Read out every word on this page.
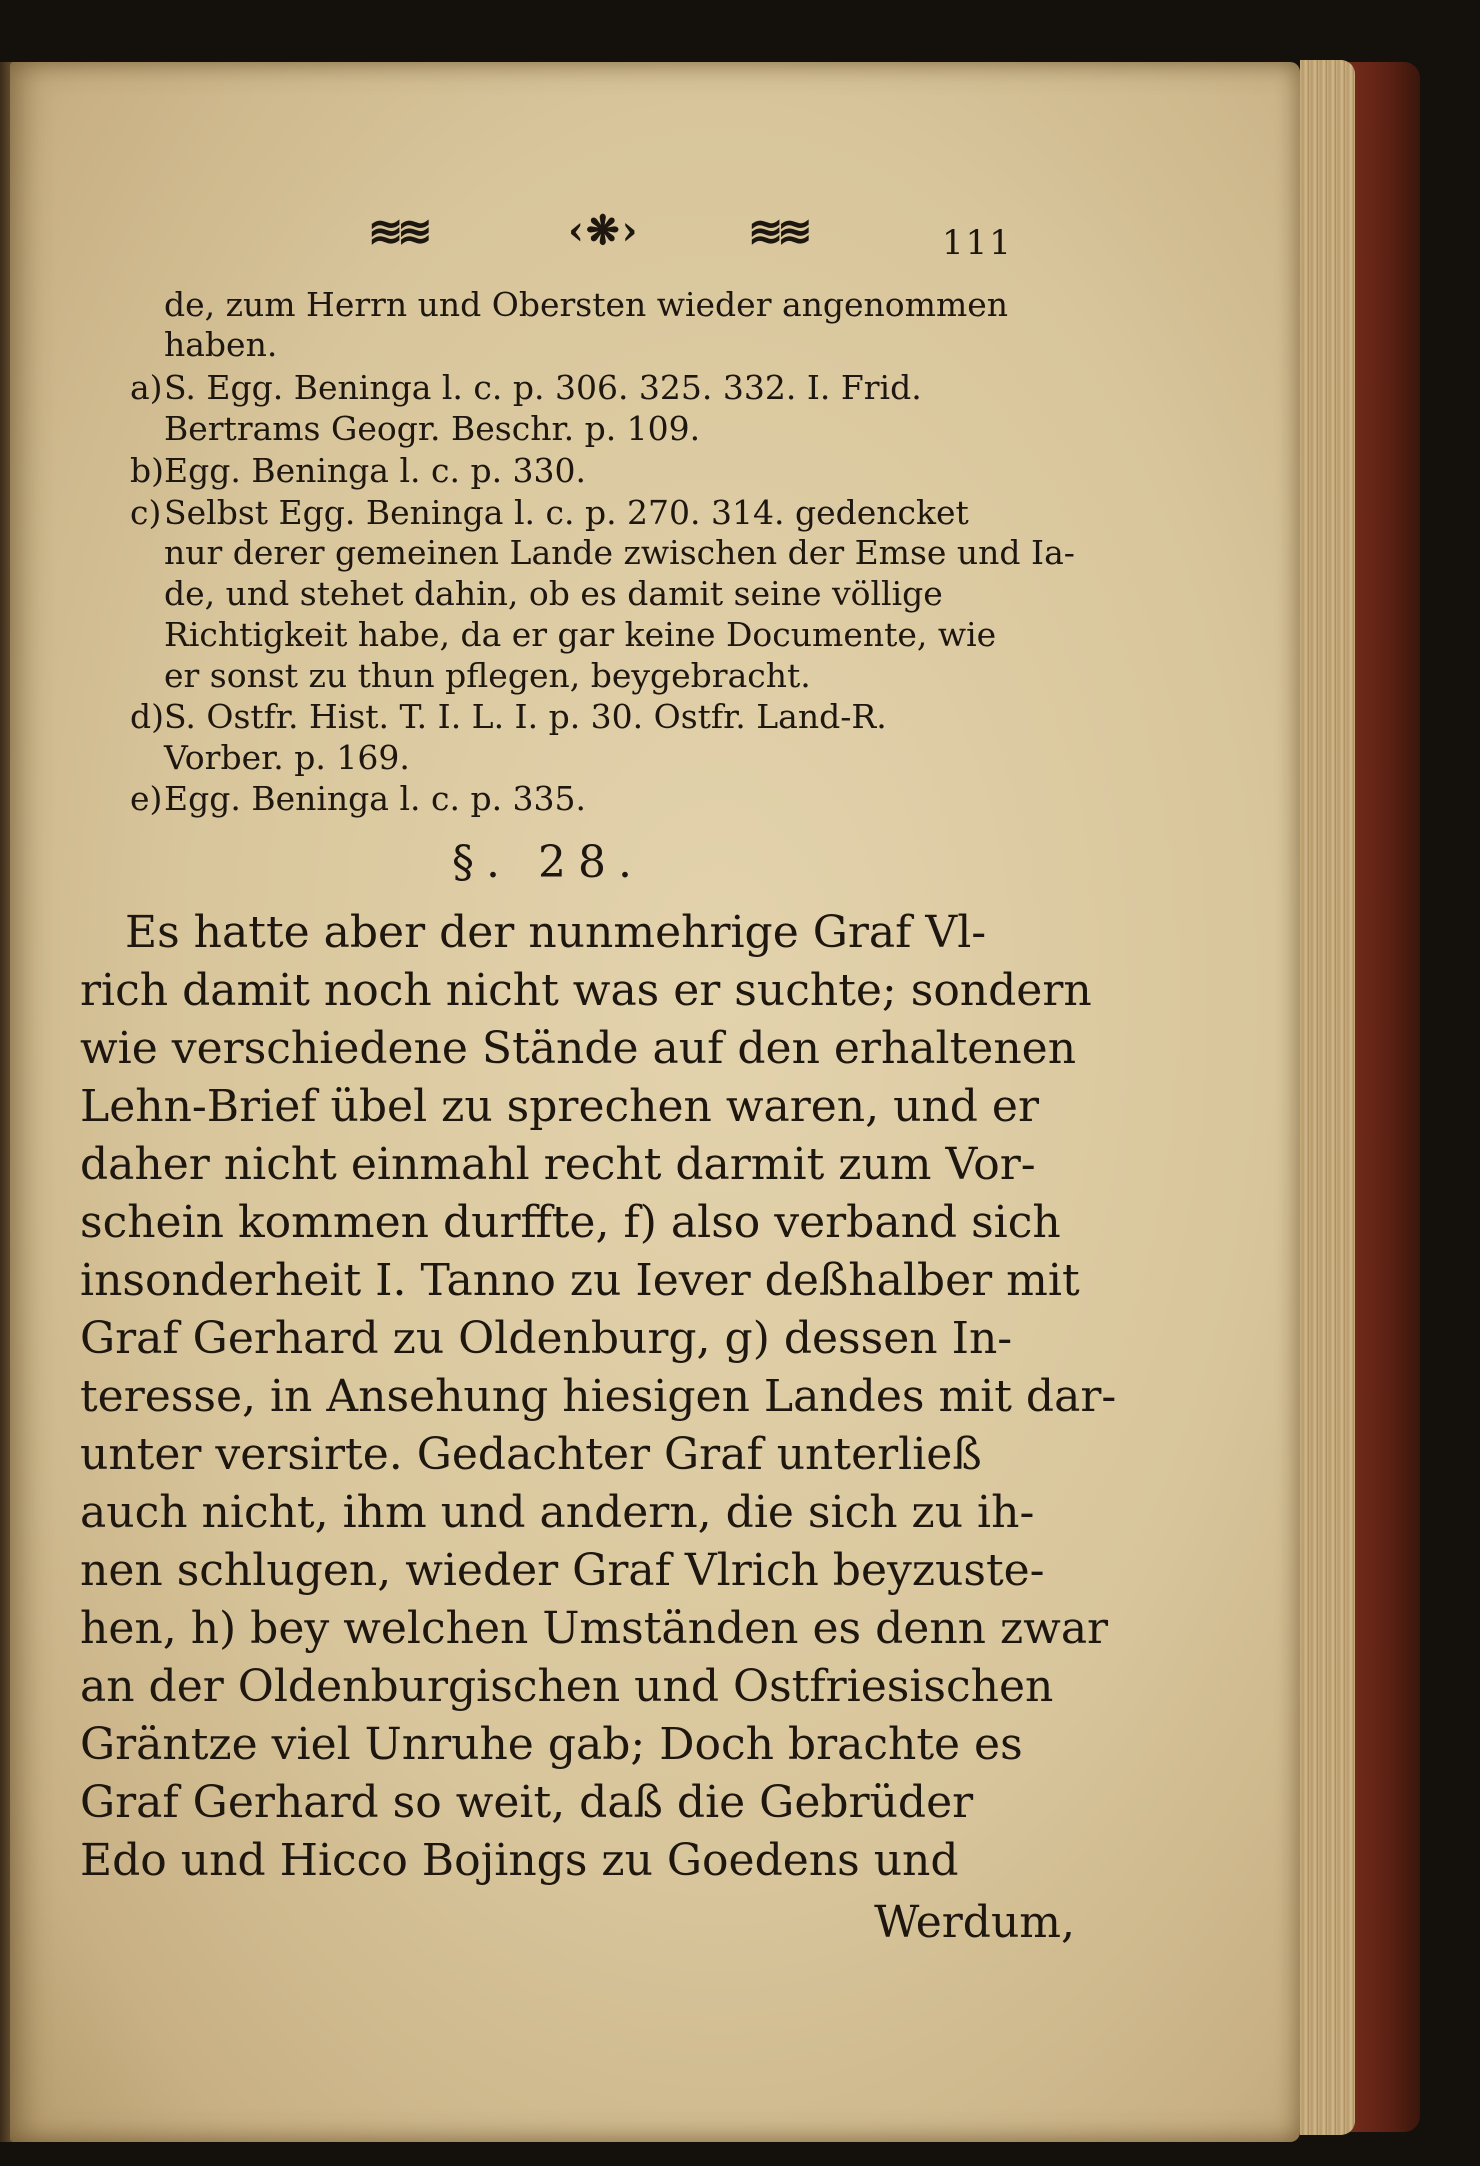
≋≋	‹❋›	≋≋	111
de, zum Herrn und Obersten wieder angenommen
haben.
a)S. Egg. Beninga l. c. p. 306. 325. 332. I. Frid.
Bertrams Geogr. Beschr. p. 109.
b)Egg. Beninga l. c. p. 330.
c)Selbst Egg. Beninga l. c. p. 270. 314. gedencket
nur derer gemeinen Lande zwischen der Emse und Ia-
de, und stehet dahin, ob es damit seine völlige
Richtigkeit habe, da er gar keine Documente, wie
er sonst zu thun pflegen, beygebracht.
d)S. Ostfr. Hist. T. I. L. I. p. 30. Ostfr. Land-R.
Vorber. p. 169.
e)Egg. Beninga l. c. p. 335.
§. 28.
Es hatte aber der nunmehrige Graf Vl-
rich damit noch nicht was er suchte; sondern
wie verschiedene Stände auf den erhaltenen
Lehn-Brief übel zu sprechen waren, und er
daher nicht einmahl recht darmit zum Vor-
schein kommen durffte, f) also verband sich
insonderheit I. Tanno zu Iever deßhalber mit
Graf Gerhard zu Oldenburg, g) dessen In-
teresse, in Ansehung hiesigen Landes mit dar-
unter versirte. Gedachter Graf unterließ
auch nicht, ihm und andern, die sich zu ih-
nen schlugen, wieder Graf Vlrich beyzuste-
hen, h) bey welchen Umständen es denn zwar
an der Oldenburgischen und Ostfriesischen
Gräntze viel Unruhe gab; Doch brachte es
Graf Gerhard so weit, daß die Gebrüder
Edo und Hicco Bojings zu Goedens und
Werdum,
